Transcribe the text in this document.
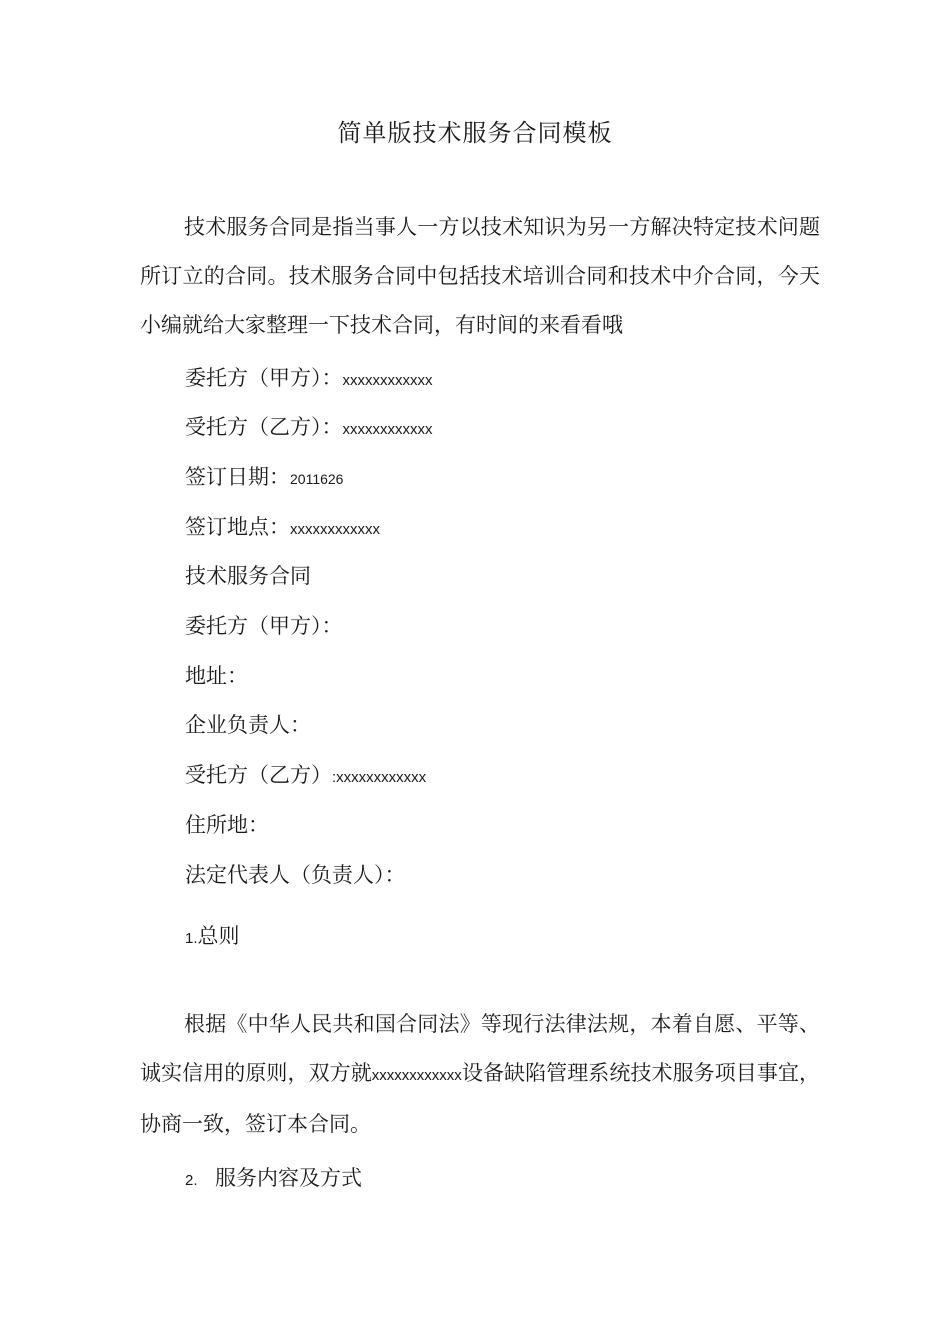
简单版技术服务合同模板
技术服务合同是指当事人一方以技术知识为另一方解决特定技术问题所订立的合同。技术服务合同中包括技术培训合同和技术中介合同，今天小编就给大家整理一下技术合同，有时间的来看看哦
委托方（甲方）：xxxxxxxxxxxx
受托方（乙方）：xxxxxxxxxxxx
签订日期：2011626
签订地点：xxxxxxxxxxxx
技术服务合同
委托方（甲方）：
地址：
企业负责人：
受托方（乙方）:xxxxxxxxxxxx
住所地：
法定代表人（负责人）：
1.总则
根据《中华人民共和国合同法》等现行法律法规，本着自愿、平等、诚实信用的原则，双方就xxxxxxxxxxxx设备缺陷管理系统技术服务项目事宜，协商一致，签订本合同。
2. 服务内容及方式
